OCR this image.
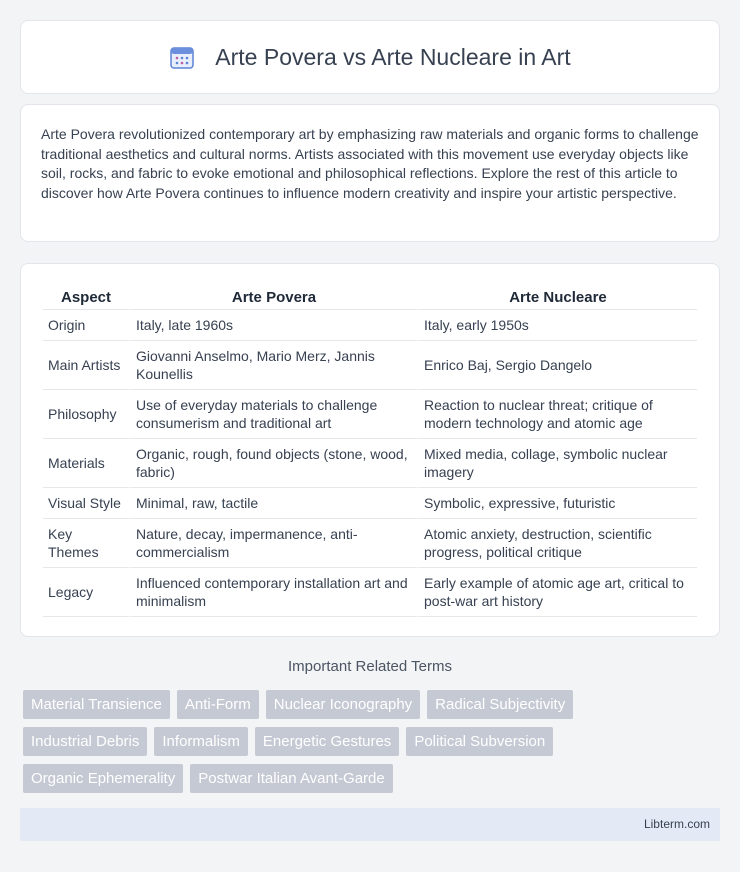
Arte Povera vs Arte Nucleare in Art

Arte Povera revolutionized contemporary art by emphasizing raw materials and organic forms to challenge traditional aesthetics and cultural norms. Artists associated with this movement use everyday objects like soil, rocks, and fabric to evoke emotional and philosophical reflections. Explore the rest of this article to discover how Arte Povera continues to influence modern creativity and inspire your artistic perspective.

Aspect	Arte Povera	Arte Nucleare
Origin	Italy, late 1960s	Italy, early 1950s
Main Artists	Giovanni Anselmo, Mario Merz, Jannis Kounellis	Enrico Baj, Sergio Dangelo
Philosophy	Use of everyday materials to challenge consumerism and traditional art	Reaction to nuclear threat; critique of modern technology and atomic age
Materials	Organic, rough, found objects (stone, wood, fabric)	Mixed media, collage, symbolic nuclear imagery
Visual Style	Minimal, raw, tactile	Symbolic, expressive, futuristic
Key Themes	Nature, decay, impermanence, anti-commercialism	Atomic anxiety, destruction, scientific progress, political critique
Legacy	Influenced contemporary installation art and minimalism	Early example of atomic age art, critical to post-war art history
Important Related Terms
Material Transience	Anti-Form	Nuclear Iconography	Radical Subjectivity
Industrial Debris	Informalism	Energetic Gestures	Political Subversion
Organic Ephemerality	Postwar Italian Avant-Garde
Libterm.com
